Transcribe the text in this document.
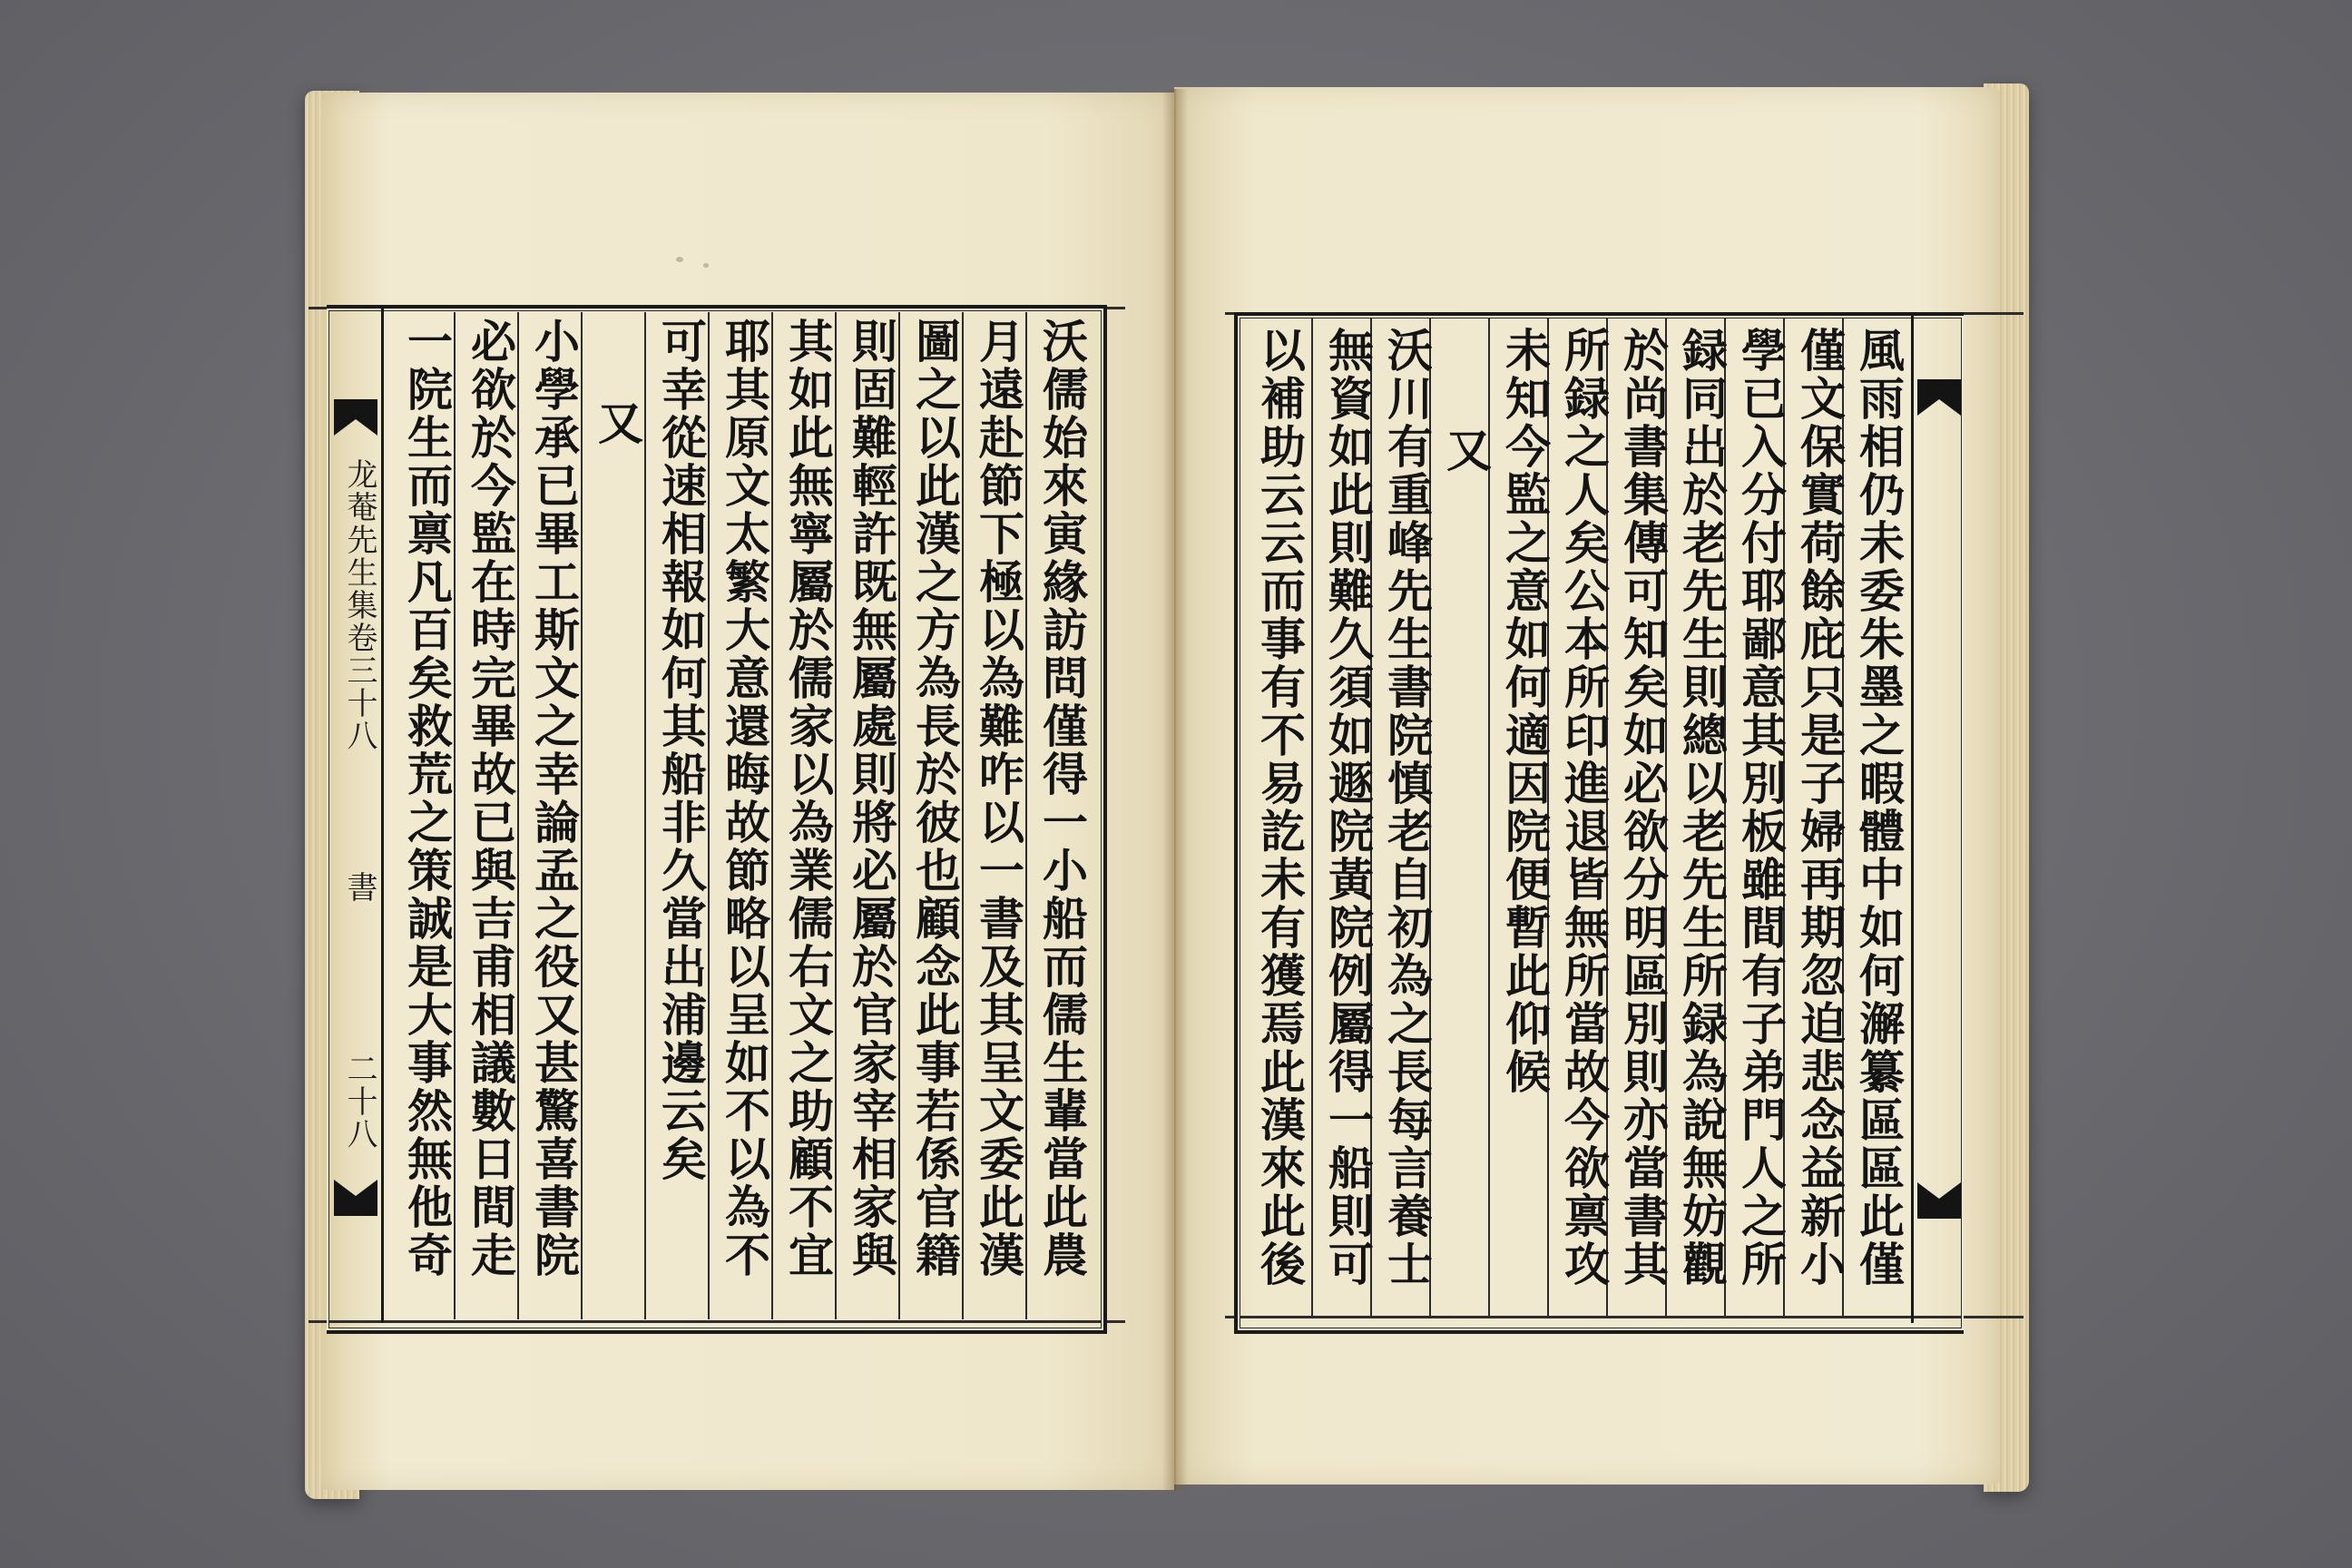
龙菴先生集卷三十八
書
二十八	沃儒始來寅緣訪問僅得一小船而儒生輩當此農
月遠赴節下極以為難咋以一書及其呈文委此漢
圖之以此漢之方為長於彼也顧念此事若係官籍
則固難輕許既無屬處則將必屬於官家宰相家與
其如此無寧屬於儒家以為業儒右文之助顧不宜
耶其原文太繁大意還晦故節略以呈如不以為不
可幸從速相報如何其船非久當出浦邊云矣
又
小學承已畢工斯文之幸論孟之役又甚驚喜書院
必欲於今監在時完畢故已與吉甫相議數日間走
一院生而禀凡百矣救荒之策誠是大事然無他奇	風雨相仍未委朱墨之暇體中如何澥纂區區此僅
僅文保實荷餘庇只是子婦再期忽迫悲念益新小
學已入分付耶鄙意其別板雖間有子弟門人之所
録同出於老先生則總以老先生所録為說無妨觀
於尚書集傳可知矣如必欲分明區別則亦當書其
所録之人矣公本所印進退皆無所當故今欲禀攻
未知今監之意如何適因院便暫此仰候
又
沃川有重峰先生書院慎老自初為之長每言養士
無資如此則難久須如遯院黃院例屬得一船則可
以補助云云而事有不易訖未有獲焉此漢來此後
